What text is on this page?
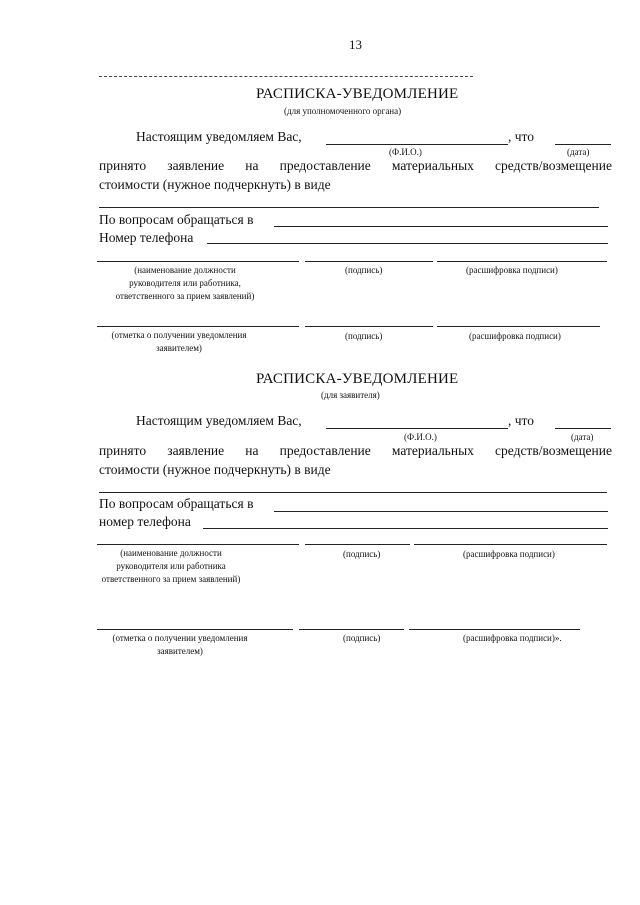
13
РАСПИСКА-УВЕДОМЛЕНИЕ
(для уполномоченного органа)
Настоящим уведомляем Вас,	, что
(Ф.И.О.)	(дата)
принято заявление на предоставление материальных средств/возмещение
стоимости (нужное подчеркнуть) в виде
По вопросам обращаться в
Номер телефона
(наименование должности руководителя или работника, ответственного за прием заявлений)
(подпись)	(расшифровка подписи)
(отметка о получении уведомления заявителем)
(подпись)	(расшифровка подписи)
РАСПИСКА-УВЕДОМЛЕНИЕ
(для заявителя)
Настоящим уведомляем Вас,	, что
(Ф.И.О.)	(дата)
принято заявление на предоставление материальных средств/возмещение
стоимости (нужное подчеркнуть) в виде
По вопросам обращаться в
номер телефона
(наименование должности руководителя или работника ответственного за прием заявлений)
(подпись)	(расшифровка подписи)
(отметка о получении уведомления заявителем)
(подпись)	(расшифровка подписи)».
